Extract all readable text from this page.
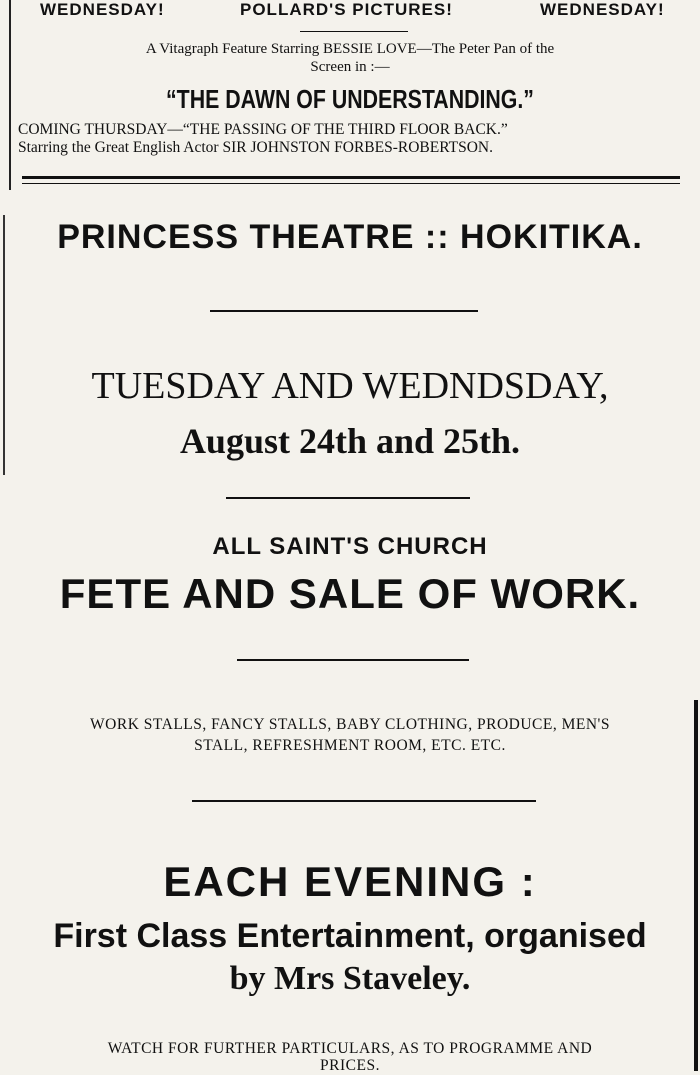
WEDNESDAY!	POLLARD'S PICTURES!	WEDNESDAY!
A Vitagraph Feature Starring BESSIE LOVE—The Peter Pan of the
Screen in :—
“THE DAWN OF UNDERSTANDING.”
COMING THURSDAY—“THE PASSING OF THE THIRD FLOOR BACK.”
Starring the Great English Actor SIR JOHNSTON FORBES-ROBERTSON.
PRINCESS THEATRE :: HOKITIKA.
TUESDAY AND WEDNDSDAY,
August 24th and 25th.
ALL SAINT'S CHURCH
FETE AND SALE OF WORK.
WORK STALLS, FANCY STALLS, BABY CLOTHING, PRODUCE, MEN'S
STALL, REFRESHMENT ROOM, ETC. ETC.
EACH EVENING :
First Class Entertainment, organised
by Mrs Staveley.
WATCH FOR FURTHER PARTICULARS, AS TO PROGRAMME AND
PRICES.
